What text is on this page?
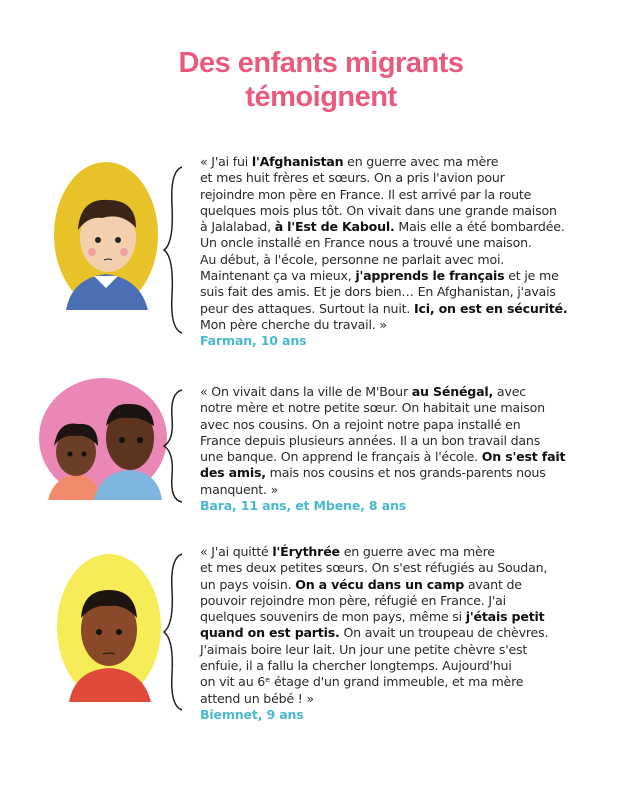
Des enfants migrants
témoignent
« J'ai fui l'Afghanistan en guerre avec ma mère
et mes huit frères et sœurs. On a pris l'avion pour
rejoindre mon père en France. Il est arrivé par la route
quelques mois plus tôt. On vivait dans une grande maison
à Jalalabad, à l'Est de Kaboul. Mais elle a été bombardée.
Un oncle installé en France nous a trouvé une maison.
Au début, à l'école, personne ne parlait avec moi.
Maintenant ça va mieux, j'apprends le français et je me
suis fait des amis. Et je dors bien… En Afghanistan, j'avais
peur des attaques. Surtout la nuit. Ici, on est en sécurité.
Mon père cherche du travail. »
Farman, 10 ans
« On vivait dans la ville de M'Bour au Sénégal, avec
notre mère et notre petite sœur. On habitait une maison
avec nos cousins. On a rejoint notre papa installé en
France depuis plusieurs années. Il a un bon travail dans
une banque. On apprend le français à l'école. On s'est fait
des amis, mais nos cousins et nos grands-parents nous
manquent. »
Bara, 11 ans, et Mbene, 8 ans
« J'ai quitté l'Érythrée en guerre avec ma mère
et mes deux petites sœurs. On s'est réfugiés au Soudan,
un pays voisin. On a vécu dans un camp avant de
pouvoir rejoindre mon père, réfugié en France. J'ai
quelques souvenirs de mon pays, même si j'étais petit
quand on est partis. On avait un troupeau de chèvres.
J'aimais boire leur lait. Un jour une petite chèvre s'est
enfuie, il a fallu la chercher longtemps. Aujourd'hui
on vit au 6ᵉ étage d'un grand immeuble, et ma mère
attend un bébé ! »
Biemnet, 9 ans
